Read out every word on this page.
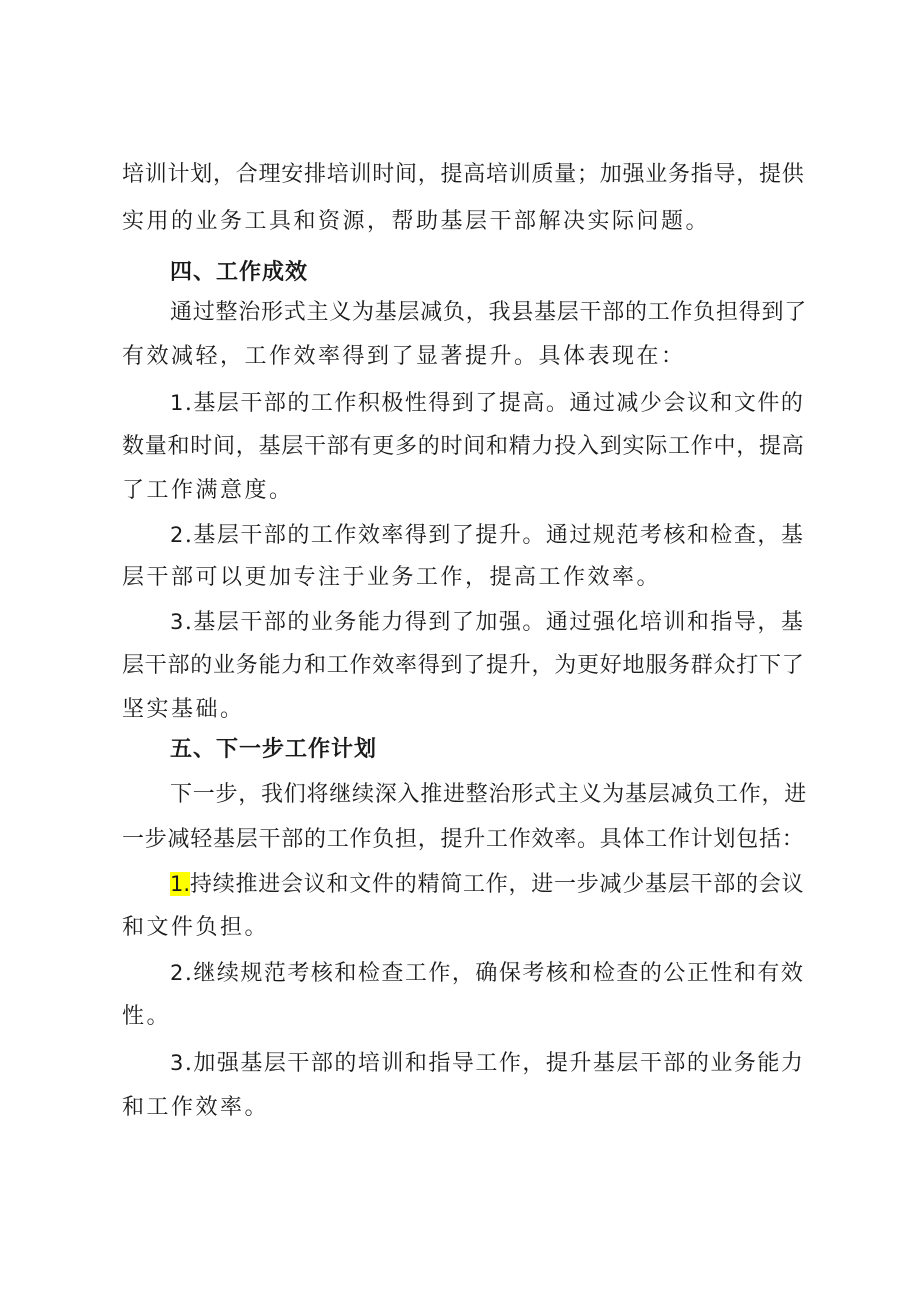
培训计划，合理安排培训时间，提高培训质量；加强业务指导，提供
实用的业务工具和资源，帮助基层干部解决实际问题。
四、工作成效
通过整治形式主义为基层减负，我县基层干部的工作负担得到了
有效减轻，工作效率得到了显著提升。具体表现在：
1.基层干部的工作积极性得到了提高。通过减少会议和文件的
数量和时间，基层干部有更多的时间和精力投入到实际工作中，提高
了工作满意度。
2.基层干部的工作效率得到了提升。通过规范考核和检查，基
层干部可以更加专注于业务工作，提高工作效率。
3.基层干部的业务能力得到了加强。通过强化培训和指导，基
层干部的业务能力和工作效率得到了提升，为更好地服务群众打下了
坚实基础。
五、下一步工作计划
下一步，我们将继续深入推进整治形式主义为基层减负工作，进
一步减轻基层干部的工作负担，提升工作效率。具体工作计划包括：
1.持续推进会议和文件的精简工作，进一步减少基层干部的会议
和文件负担。
2.继续规范考核和检查工作，确保考核和检查的公正性和有效
性。
3.加强基层干部的培训和指导工作，提升基层干部的业务能力
和工作效率。
